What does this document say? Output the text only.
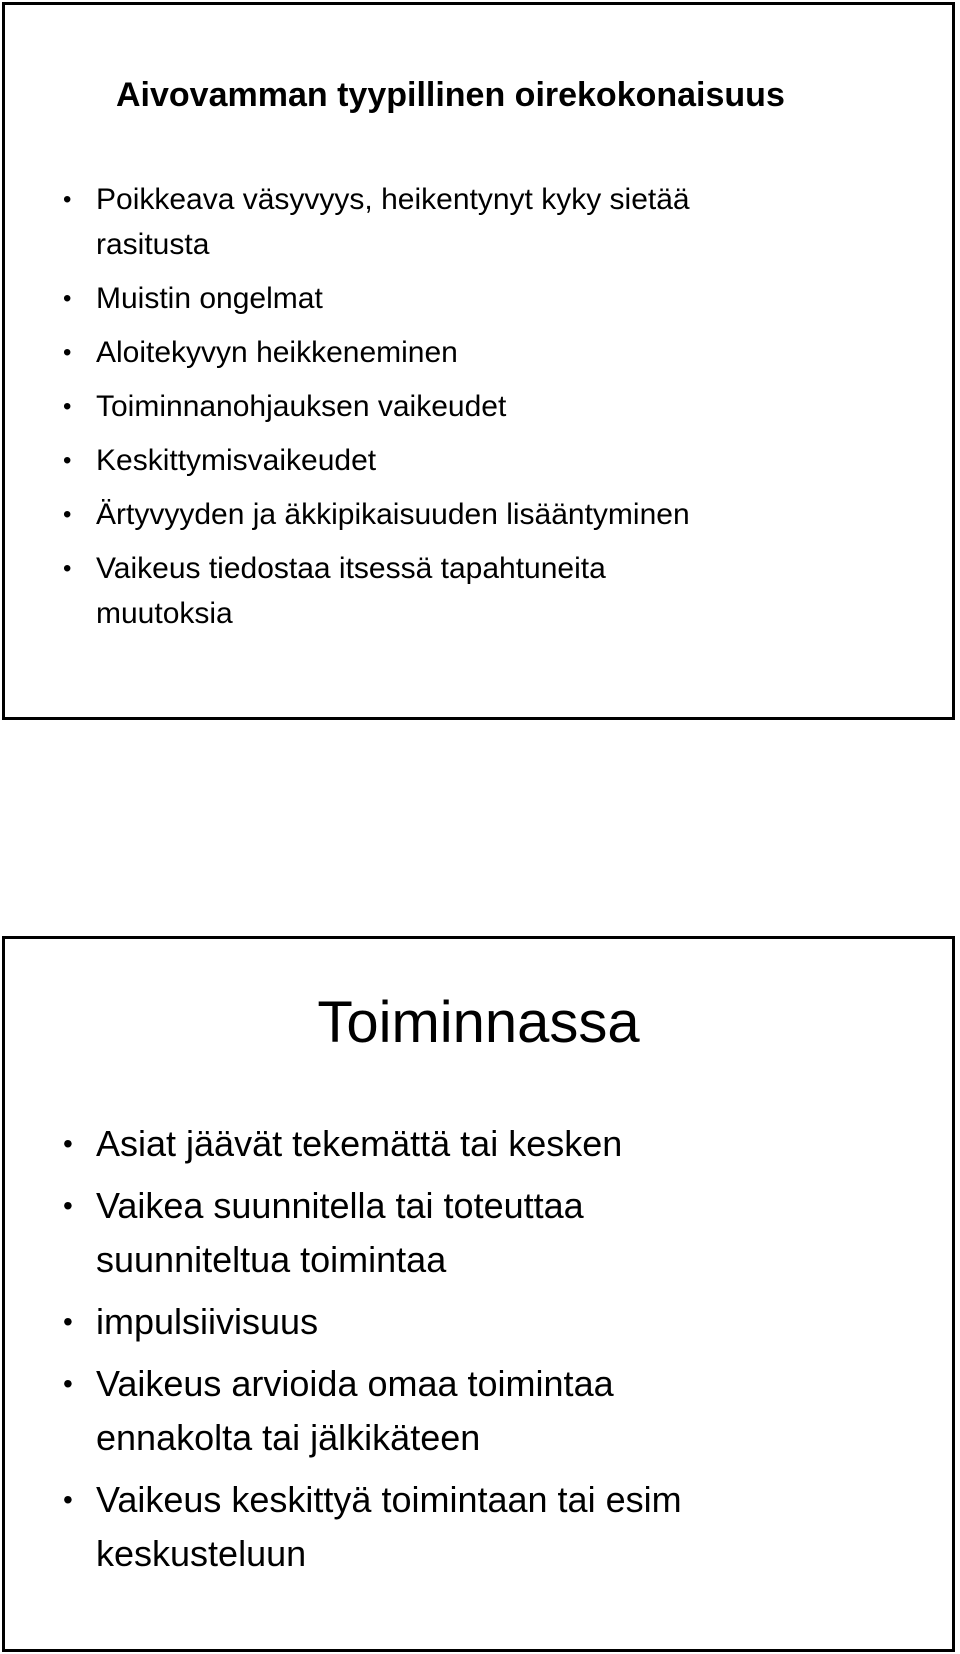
Aivovamman tyypillinen oirekokonaisuus
• Poikkeava väsyvyys, heikentynyt kyky sietää
rasitusta
• Muistin ongelmat
• Aloitekyvyn heikkeneminen
• Toiminnanohjauksen vaikeudet
• Keskittymisvaikeudet
• Ärtyvyyden ja äkkipikaisuuden lisääntyminen
• Vaikeus tiedostaa itsessä tapahtuneita
muutoksia
Toiminnassa
• Asiat jäävät tekemättä tai kesken
• Vaikea suunnitella tai toteuttaa
suunniteltua toimintaa
• impulsiivisuus
• Vaikeus arvioida omaa toimintaa
ennakolta tai jälkikäteen
• Vaikeus keskittyä toimintaan tai esim
keskusteluun
